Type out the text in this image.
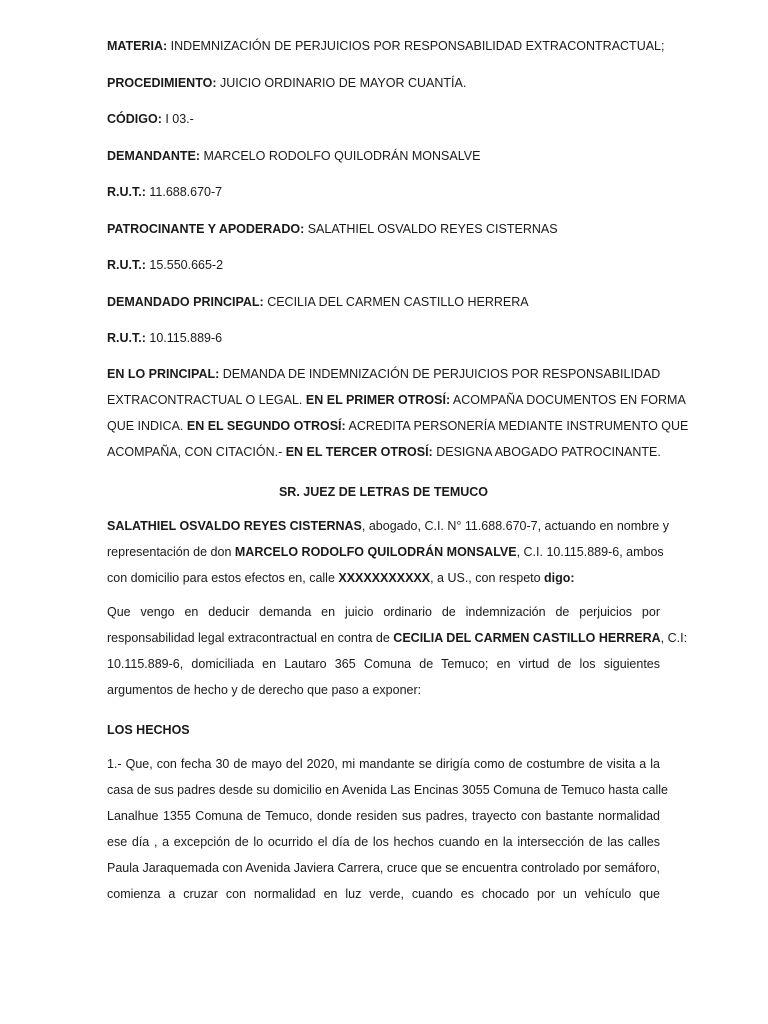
MATERIA: INDEMNIZACIÓN DE PERJUICIOS POR RESPONSABILIDAD EXTRACONTRACTUAL;
PROCEDIMIENTO: JUICIO ORDINARIO DE MAYOR CUANTÍA.
CÓDIGO: I 03.-
DEMANDANTE: MARCELO RODOLFO QUILODRÁN MONSALVE
R.U.T.: 11.688.670-7
PATROCINANTE Y APODERADO: SALATHIEL OSVALDO REYES CISTERNAS
R.U.T.: 15.550.665-2
DEMANDADO PRINCIPAL: CECILIA DEL CARMEN CASTILLO HERRERA
R.U.T.: 10.115.889-6
EN LO PRINCIPAL: DEMANDA DE INDEMNIZACIÓN DE PERJUICIOS POR RESPONSABILIDAD
EXTRACONTRACTUAL O LEGAL. EN EL PRIMER OTROSÍ: ACOMPAÑA DOCUMENTOS EN FORMA
QUE INDICA. EN EL SEGUNDO OTROSÍ: ACREDITA PERSONERÍA MEDIANTE INSTRUMENTO QUE
ACOMPAÑA, CON CITACIÓN.- EN EL TERCER OTROSÍ: DESIGNA ABOGADO PATROCINANTE.
SR. JUEZ DE LETRAS DE TEMUCO
SALATHIEL OSVALDO REYES CISTERNAS, abogado, C.I. N° 11.688.670-7, actuando en nombre y
representación de don MARCELO RODOLFO QUILODRÁN MONSALVE, C.I. 10.115.889-6, ambos
con domicilio para estos efectos en, calle XXXXXXXXXXX, a US., con respeto digo:
Que vengo en deducir demanda en juicio ordinario de indemnización de perjuicios por
responsabilidad legal extracontractual en contra de CECILIA DEL CARMEN CASTILLO HERRERA, C.I:
10.115.889-6, domiciliada en Lautaro 365 Comuna de Temuco; en virtud de los siguientes
argumentos de hecho y de derecho que paso a exponer:
LOS HECHOS
1.- Que, con fecha 30 de mayo del 2020, mi mandante se dirigía como de costumbre de visita a la
casa de sus padres desde su domicilio en Avenida Las Encinas 3055 Comuna de Temuco hasta calle
Lanalhue 1355 Comuna de Temuco, donde residen sus padres, trayecto con bastante normalidad
ese día , a excepción de lo ocurrido el día de los hechos cuando en la intersección de las calles
Paula Jaraquemada con Avenida Javiera Carrera, cruce que se encuentra controlado por semáforo,
comienza a cruzar con normalidad en luz verde, cuando es chocado por un vehículo que
